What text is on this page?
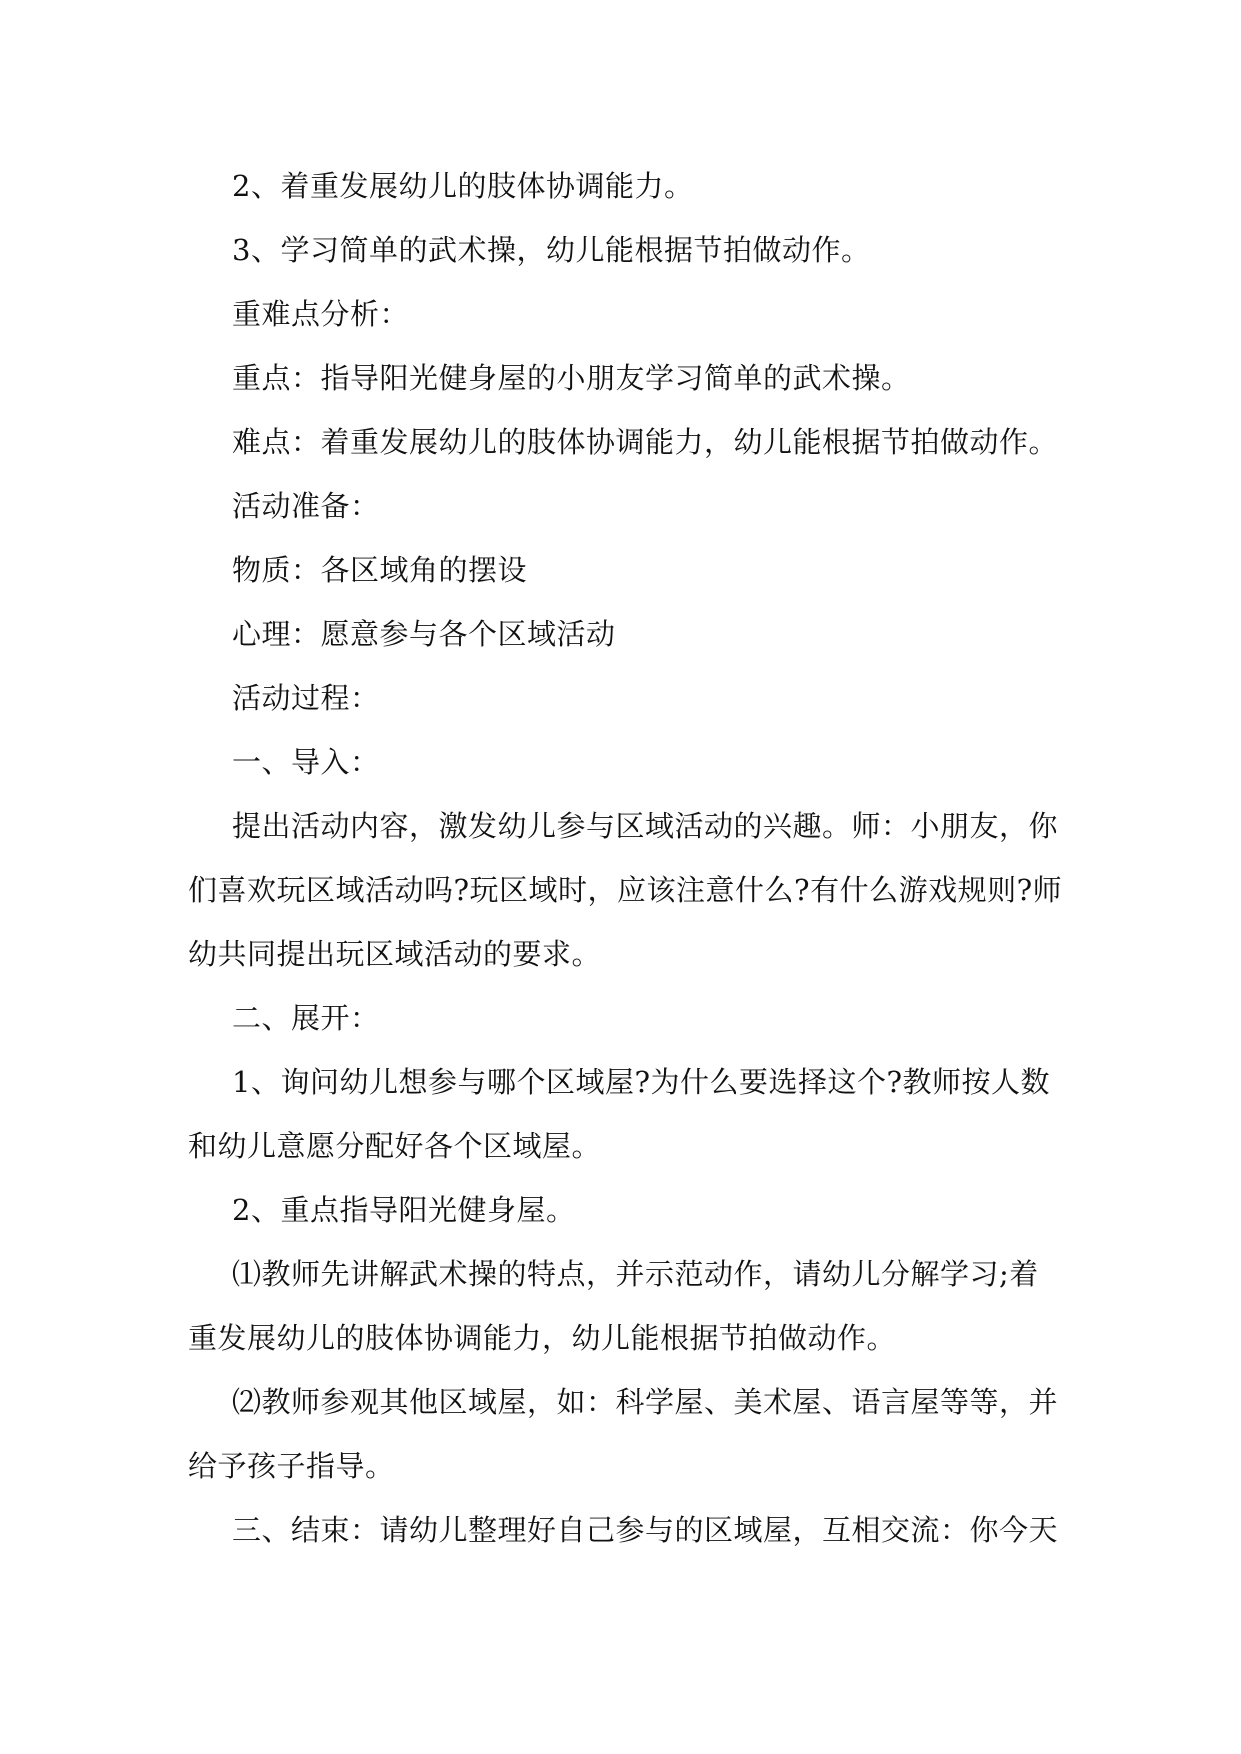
2、着重发展幼儿的肢体协调能力。

3、学习简单的武术操，幼儿能根据节拍做动作。

重难点分析：

重点：指导阳光健身屋的小朋友学习简单的武术操。

难点：着重发展幼儿的肢体协调能力，幼儿能根据节拍做动作。

活动准备：

物质：各区域角的摆设

心理：愿意参与各个区域活动

活动过程：

一、导入：

提出活动内容，激发幼儿参与区域活动的兴趣。师：小朋友，你们喜欢玩区域活动吗?玩区域时，应该注意什么?有什么游戏规则?师幼共同提出玩区域活动的要求。

二、展开：

1、询问幼儿想参与哪个区域屋?为什么要选择这个?教师按人数和幼儿意愿分配好各个区域屋。

2、重点指导阳光健身屋。

⑴教师先讲解武术操的特点，并示范动作，请幼儿分解学习;着重发展幼儿的肢体协调能力，幼儿能根据节拍做动作。

⑵教师参观其他区域屋，如：科学屋、美术屋、语言屋等等，并给予孩子指导。

三、结束：请幼儿整理好自己参与的区域屋，互相交流：你今天
